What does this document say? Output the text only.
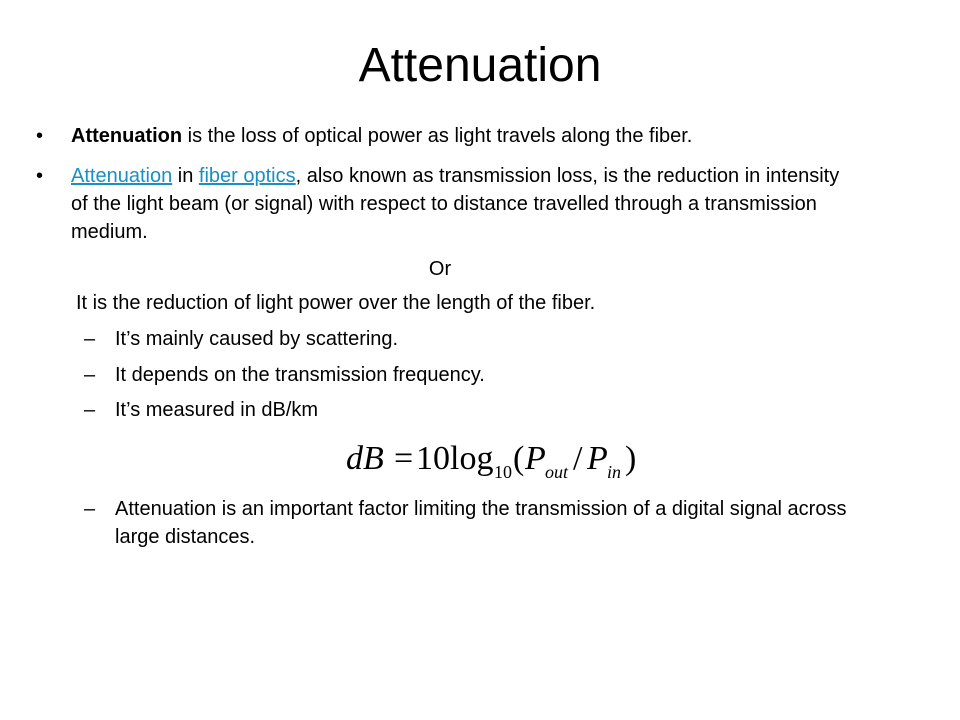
Attenuation
•	Attenuation is the loss of optical power as light travels along the fiber.
•	Attenuation in fiber optics, also known as transmission loss, is the reduction in intensity of the light beam (or signal) with respect to distance travelled through a transmission medium.
Or
It is the reduction of light power over the length of the fiber.
– It’s mainly caused by scattering.
– It depends on the transmission frequency.
– It’s measured in dB/km
dB = 10 log 10 ( P out / P in )
– Attenuation is an important factor limiting the transmission of a digital signal across large distances.
